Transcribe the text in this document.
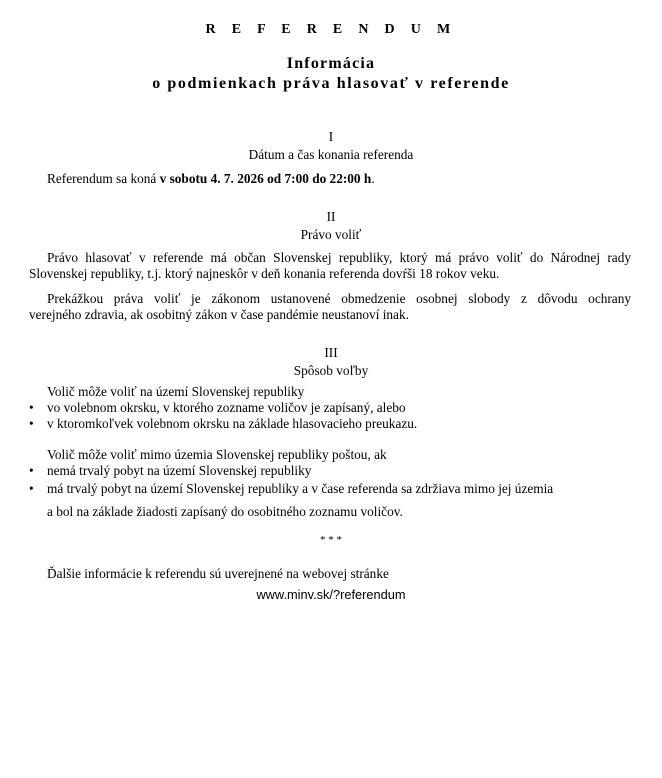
R E F E R E N D U M
Informácia
o podmienkach práva hlasovať v referende
I
Dátum a čas konania referenda
Referendum sa koná v sobotu 4. 7. 2026 od 7:00 do 22:00 h.
II
Právo voliť
Právo hlasovať v referende má občan Slovenskej republiky, ktorý má právo voliť do Národnej rady
Slovenskej republiky, t.j. ktorý najneskôr v deň konania referenda dovŕši 18 rokov veku.
Prekážkou práva voliť je zákonom ustanovené obmedzenie osobnej slobody z dôvodu ochrany
verejného zdravia, ak osobitný zákon v čase pandémie neustanoví inak.
III
Spôsob voľby
Volič môže voliť na území Slovenskej republiky
• vo volebnom okrsku, v ktorého zozname voličov je zapísaný, alebo
• v ktoromkoľvek volebnom okrsku na základe hlasovacieho preukazu.
Volič môže voliť mimo územia Slovenskej republiky poštou, ak
• nemá trvalý pobyt na území Slovenskej republiky
• má trvalý pobyt na území Slovenskej republiky a v čase referenda sa zdržiava mimo jej územia
a bol na základe žiadosti zapísaný do osobitného zoznamu voličov.
* * *
Ďalšie informácie k referendu sú uverejnené na webovej stránke
www.minv.sk/?referendum
